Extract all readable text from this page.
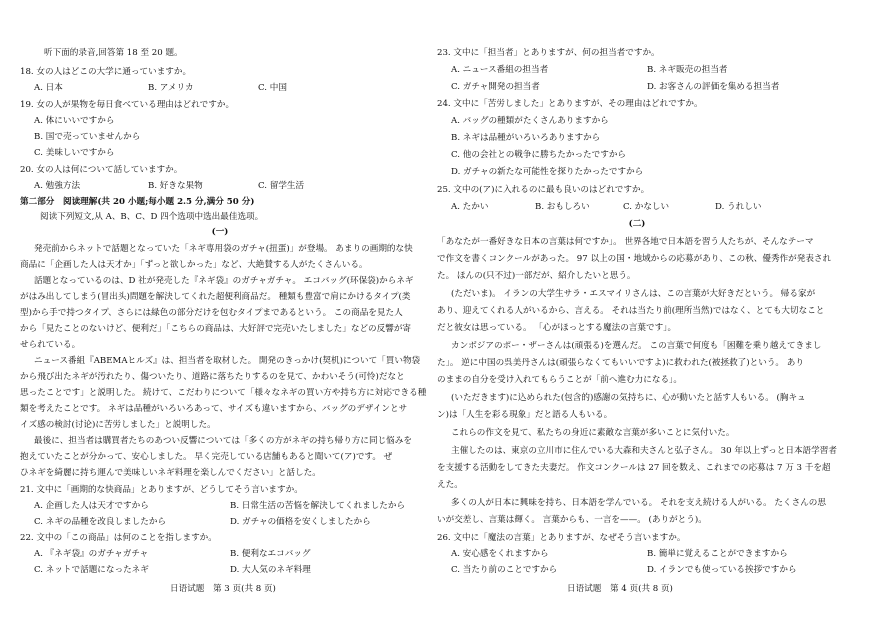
听下面的录音,回答第 18 至 20 题。
18. 女の人はどこの大学に通っていますか。
A. 日本	B. アメリカ	C. 中国
19. 女の人が果物を毎日食べている理由はどれですか。
A. 体にいいですから
B. 国で売っていませんから
C. 美味しいですから
20. 女の人は何について話していますか。
A. 勉強方法	B. 好きな果物	C. 留学生活
第二部分　阅读理解(共 20 小题;每小题 2.5 分,满分 50 分)
阅读下列短文,从 A、B、C、D 四个选项中选出最佳选项。
(一)
発売前からネットで話題となっていた「ネギ専用袋のガチャ(扭蛋)」が登場。 あまりの画期的な快
商品に「企画した人は天才か」「ずっと欲しかった」など、大絶賛する人がたくさんいる。
話題となっているのは、D 社が発売した『ネギ袋』のガチャガチャ。 エコバッグ(环保袋)からネギ
がはみ出してしまう(冒出头)問題を解決してくれた超便利商品だ。 種類も豊富で肩にかけるタイプ(类
型)から手で持つタイプ、さらには緑色の部分だけを包むタイプまであるという。 この商品を見た人
から「見たことのないけど、便利だ」「こちらの商品は、大好評で完売いたしました」などの反響が寄
せられている。
ニュース番組『ABEMAヒルズ』は、担当者を取材した。 開発のきっかけ(契机)について「買い物袋
から飛び出たネギが汚れたり、傷ついたり、道路に落ちたりするのを見て、かわいそう(可怜)だなと
思ったことです」と説明した。 続けて、こだわりについて「様々なネギの買い方や持ち方に対応できる種
類を考えたことです。 ネギは品種がいろいろあって、サイズも違いますから、バッグのデザインとサ
イズ感の検討(讨论)に苦労しました」と説明した。
最後に、担当者は購買者たちのあつい反響については「多くの方がネギの持ち帰り方に同じ悩みを
抱えていたことが分かって、安心しました。 早く完売している店舗もあると聞いて(ア)です。 ぜ
ひネギを綺麗に持ち運んで美味しいネギ料理を楽しんでください」と話した。
21. 文中に「画期的な快商品」とありますが、どうしてそう言いますか。
A. 企画した人は天才ですから	B. 日常生活の苦悩を解決してくれましたから
C. ネギの品種を改良しましたから	D. ガチャの価格を安くしましたから
22. 文中の「この商品」は何のことを指しますか。
A. 『ネギ袋』のガチャガチャ	B. 便利なエコバッグ
C. ネットで話題になったネギ	D. 大人気のネギ料理
日语试题　第 3 页(共 8 页)
23. 文中に「担当者」とありますが、何の担当者ですか。
A. ニュース番組の担当者	B. ネギ販売の担当者
C. ガチャ開発の担当者	D. お客さんの評価を集める担当者
24. 文中に「苦労しました」とありますが、その理由はどれですか。
A. バッグの種類がたくさんありますから
B. ネギは品種がいろいろありますから
C. 他の会社との戦争に勝ちたかったですから
D. ガチャの新たな可能性を探りたかったですから
25. 文中の(ア)に入れるのに最も良いのはどれですか。
A. たかい	B. おもしろい	C. かなしい	D. うれしい
(二)
「あなたが一番好きな日本の言葉は何ですか」。 世界各地で日本語を習う人たちが、そんなテーマ
で作文を書くコンクールがあった。 97 以上の国・地域からの応募があり、この秋、優秀作が発表され
た。 ほんの(只不过)一部だが、紹介したいと思う。
(ただいま)。 イランの大学生サラ・エスマイリさんは、この言葉が大好きだという。 帰る家が
あり、迎えてくれる人がいるから、言える。 それは当たり前(理所当然)ではなく、とても大切なこと
だと彼女は思っている。 「心がほっとする魔法の言葉です」。
カンボジアのポー・ザーさんは(頑張る)を選んだ。 この言葉で何度も「困難を乗り越えてきまし
た」。 逆に中国の呉美丹さんは(頑張らなくてもいいですよ)に救われた(被拯救了)という。 あり
のままの自分を受け入れてもらうことが「前へ進む力になる」。
(いただきます)に込められた(包含的)感謝の気持ちに、心が動いたと話す人もいる。 (胸キュ
ン)は「人生を彩る現象」だと語る人もいる。
これらの作文を見て、私たちの身近に素敵な言葉が多いことに気付いた。
主催したのは、東京の立川市に住んでいる大森和夫さんと弘子さん。 30 年以上ずっと日本語学習者
を支援する活動をしてきた夫妻だ。 作文コンクールは 27 回を数え、これまでの応募は 7 万 3 千を超
えた。
多くの人が日本に興味を持ち、日本語を学んでいる。 それを支え続ける人がいる。 たくさんの思
いが交差し、言葉は輝く。 言葉からも、一言を——。 (ありがとう)。
26. 文中に「魔法の言葉」とありますが、なぜそう言いますか。
A. 安心感をくれますから	B. 簡単に覚えることができますから
C. 当たり前のことですから	D. イランでも使っている挨拶ですから
日语试题　第 4 页(共 8 页)
